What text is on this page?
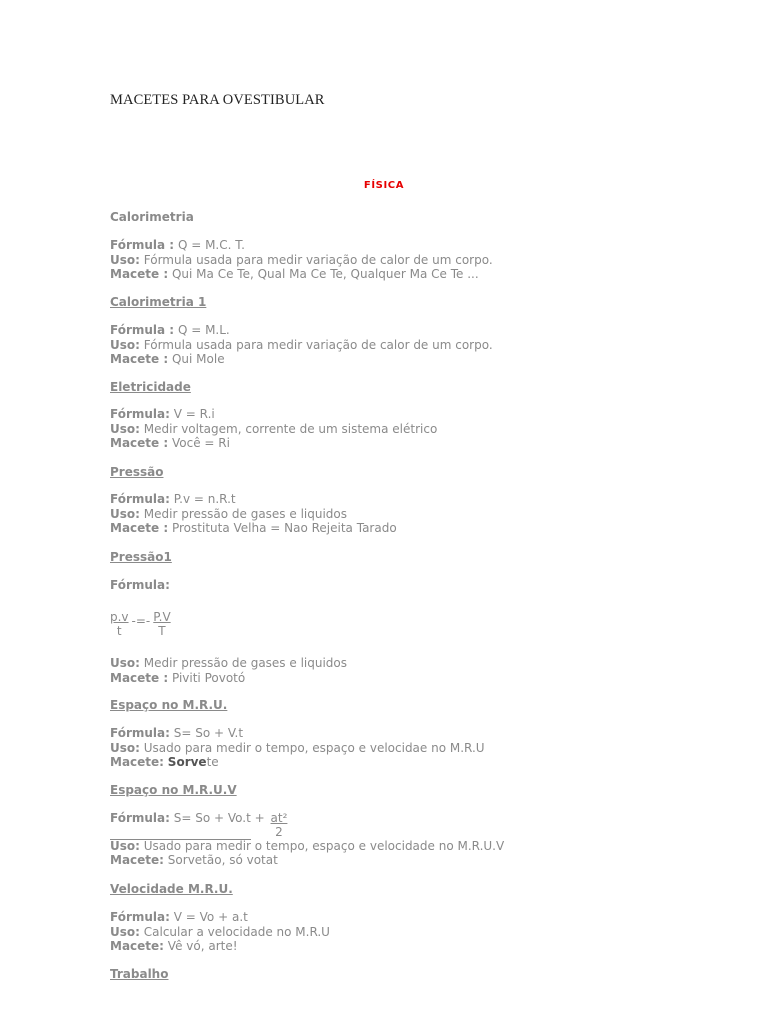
MACETES PARA OVESTIBULAR

FÍSICA

Calorimetria

Fórmula : Q = M.C. T.
Uso: Fórmula usada para medir variação de calor de um corpo.
Macete : Qui Ma Ce Te, Qual Ma Ce Te, Qualquer Ma Ce Te ...

Calorimetria 1

Fórmula : Q = M.L.
Uso: Fórmula usada para medir variação de calor de um corpo.
Macete : Qui Mole

Eletricidade

Fórmula: V = R.i
Uso: Medir voltagem, corrente de um sistema elétrico
Macete : Você = Ri

Pressão

Fórmula: P.v = n.R.t
Uso: Medir pressão de gases e liquidos
Macete : Prostituta Velha = Nao Rejeita Tarado

Pressão1

Fórmula:
$\frac{p.v}{t}$ -=- $\frac{P.V}{T}$
Uso: Medir pressão de gases e liquidos
Macete : Piviti Povotó

Espaço no M.R.U.

Fórmula: S= So + V.t
Uso: Usado para medir o tempo, espaço e velocidae no M.R.U
Macete: Sorvete

Espaço no M.R.U.V

Fórmula: $S= So + Vo.t + \frac{\text{at²}}{2}$
Uso: Usado para medir o tempo, espaço e velocidade no M.R.U.V
Macete: Sorvetão, só votat

Velocidade M.R.U.

Fórmula: V = Vo + a.t
Uso: Calcular a velocidade no M.R.U
Macete: Vê vó, arte!

Trabalho
